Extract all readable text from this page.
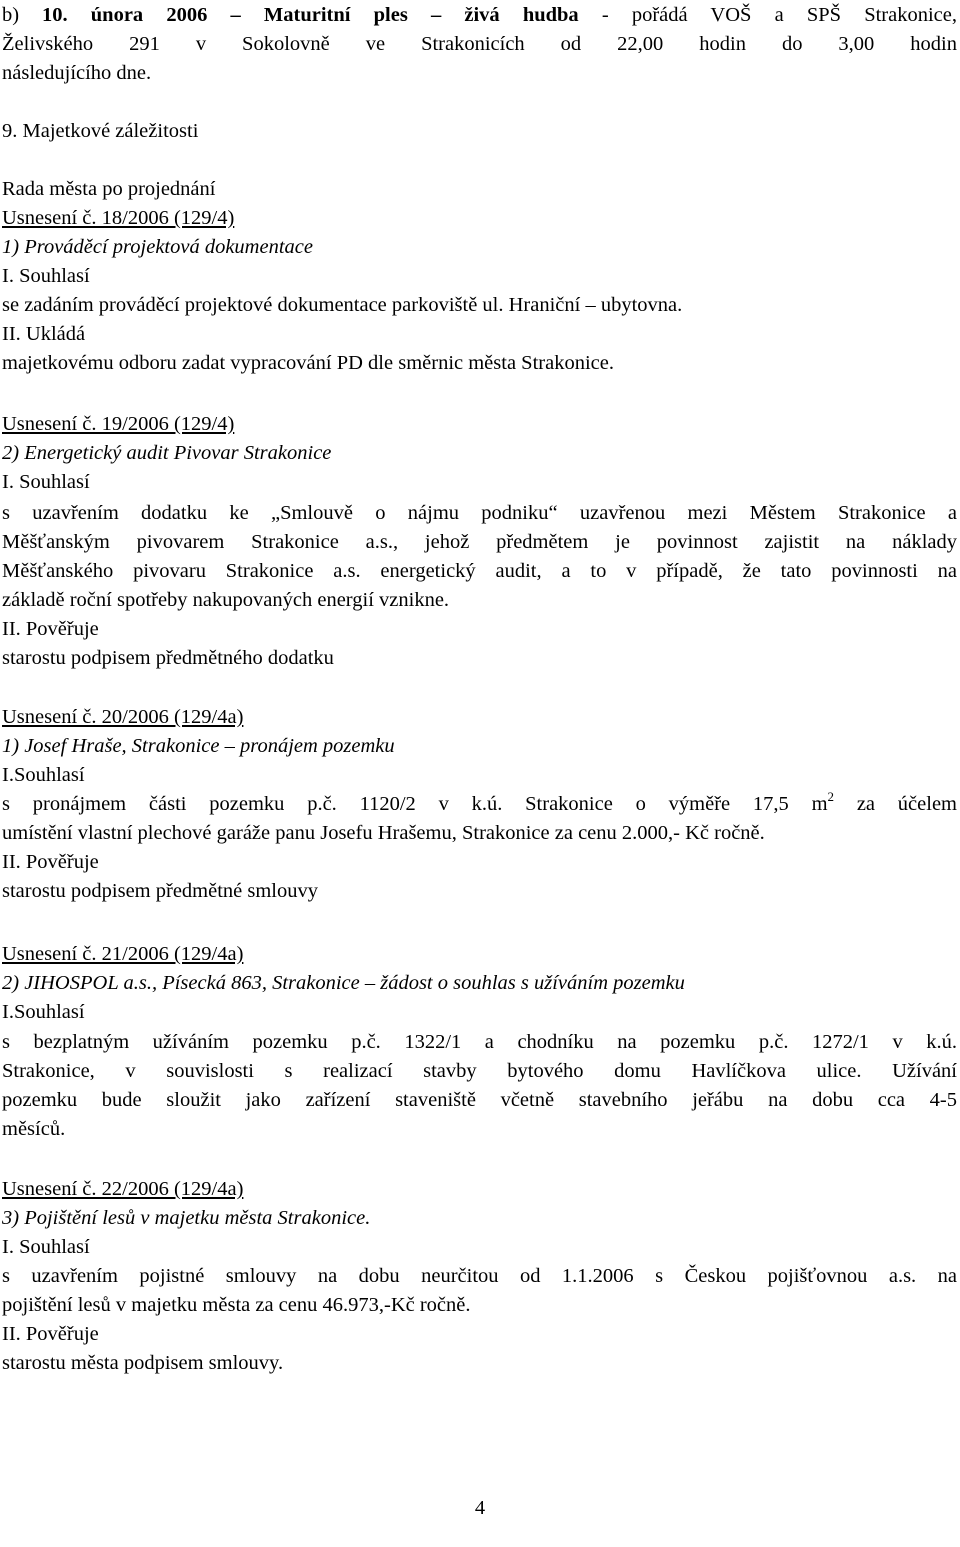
b) 10. února 2006 – Maturitní ples – živá hudba - pořádá VOŠ a SPŠ Strakonice,
Želivského 291 v Sokolovně ve Strakonicích od 22,00 hodin do 3,00 hodin
následujícího dne.
9. Majetkové záležitosti
Rada města po projednání
Usnesení č. 18/2006 (129/4)
1) Prováděcí projektová dokumentace
I. Souhlasí
se zadáním prováděcí projektové dokumentace parkoviště ul. Hraniční – ubytovna.
II. Ukládá
majetkovému odboru zadat vypracování PD dle směrnic města Strakonice.
Usnesení č. 19/2006 (129/4)
2) Energetický audit Pivovar Strakonice
I. Souhlasí
s uzavřením dodatku ke „Smlouvě o nájmu podniku“ uzavřenou mezi Městem Strakonice a
Měšťanským pivovarem Strakonice a.s., jehož předmětem je povinnost zajistit na náklady
Měšťanského pivovaru Strakonice a.s. energetický audit, a to v případě, že tato povinnosti na
základě roční spotřeby nakupovaných energií vznikne.
II. Pověřuje
starostu podpisem předmětného dodatku
Usnesení č. 20/2006 (129/4a)
1) Josef Hraše, Strakonice – pronájem pozemku
I.Souhlasí
s pronájmem části pozemku p.č. 1120/2 v k.ú. Strakonice o výměře 17,5 $m^2$ za účelem
umístění vlastní plechové garáže panu Josefu Hrašemu, Strakonice za cenu 2.000,- Kč ročně.
II. Pověřuje
starostu podpisem předmětné smlouvy
Usnesení č. 21/2006 (129/4a)
2) JIHOSPOL a.s., Písecká 863, Strakonice – žádost o souhlas s užíváním pozemku
I.Souhlasí
s bezplatným užíváním pozemku p.č. 1322/1 a chodníku na pozemku p.č. 1272/1 v k.ú.
Strakonice, v souvislosti s realizací stavby bytového domu Havlíčkova ulice. Užívání
pozemku bude sloužit jako zařízení staveniště včetně stavebního jeřábu na dobu cca 4-5
měsíců.
Usnesení č. 22/2006 (129/4a)
3) Pojištění lesů v majetku města Strakonice.
I. Souhlasí
s uzavřením pojistné smlouvy na dobu neurčitou od 1.1.2006 s Českou pojišťovnou a.s. na
pojištění lesů v majetku města za cenu 46.973,-Kč ročně.
II. Pověřuje
starostu města podpisem smlouvy.
4
